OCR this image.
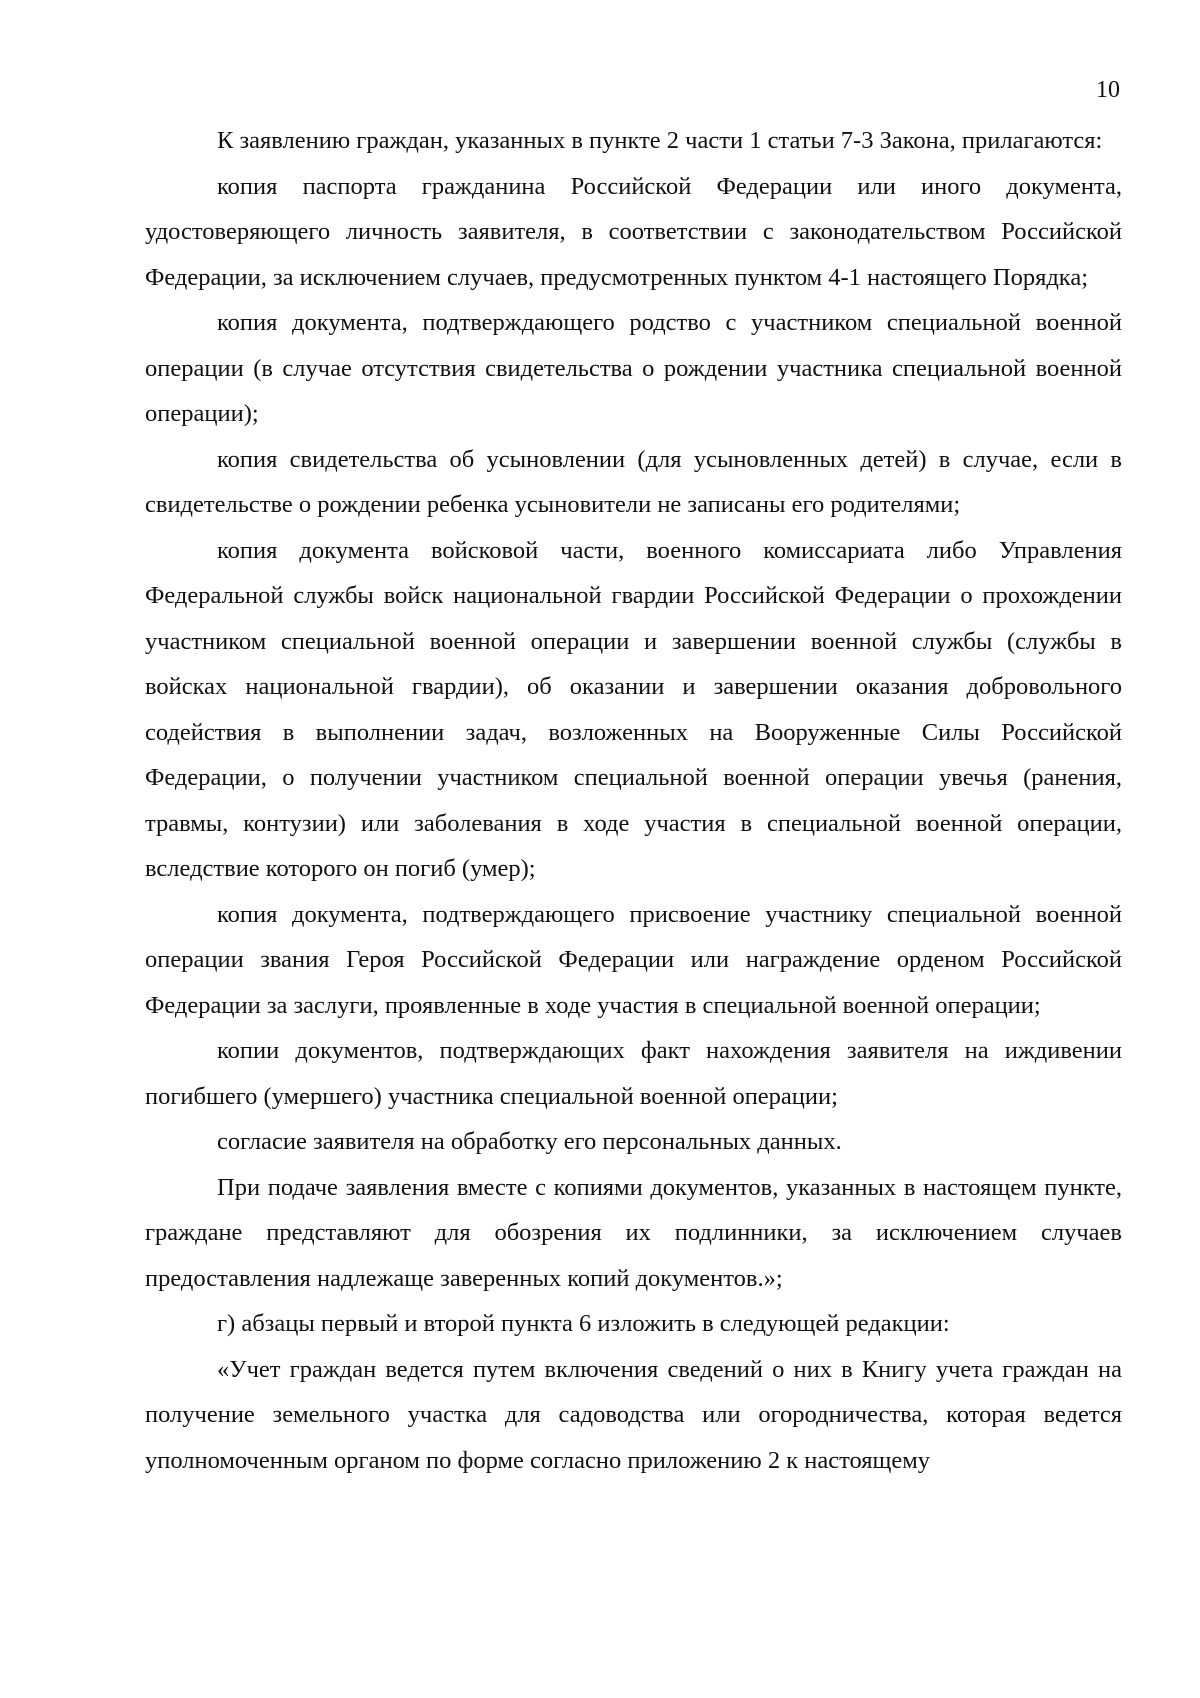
10

К заявлению граждан, указанных в пункте 2 части 1 статьи 7-3 Закона, прилагаются:

копия паспорта гражданина Российской Федерации или иного документа, удостоверяющего личность заявителя, в соответствии с законодательством Российской Федерации, за исключением случаев, предусмотренных пунктом 4-1 настоящего Порядка;

копия документа, подтверждающего родство с участником специальной военной операции (в случае отсутствия свидетельства о рождении участника специальной военной операции);

копия свидетельства об усыновлении (для усыновленных детей) в случае, если в свидетельстве о рождении ребенка усыновители не записаны его родителями;

копия документа войсковой части, военного комиссариата либо Управления Федеральной службы войск национальной гвардии Российской Федерации о прохождении участником специальной военной операции и завершении военной службы (службы в войсках национальной гвардии), об оказании и завершении оказания добровольного содействия в выполнении задач, возложенных на Вооруженные Силы Российской Федерации, о получении участником специальной военной операции увечья (ранения, травмы, контузии) или заболевания в ходе участия в специальной военной операции, вследствие которого он погиб (умер);

копия документа, подтверждающего присвоение участнику специальной военной операции звания Героя Российской Федерации или награждение орденом Российской Федерации за заслуги, проявленные в ходе участия в специальной военной операции;

копии документов, подтверждающих факт нахождения заявителя на иждивении погибшего (умершего) участника специальной военной операции;

согласие заявителя на обработку его персональных данных.

При подаче заявления вместе с копиями документов, указанных в настоящем пункте, граждане представляют для обозрения их подлинники, за исключением случаев предоставления надлежаще заверенных копий документов.»;

г) абзацы первый и второй пункта 6 изложить в следующей редакции:

«Учет граждан ведется путем включения сведений о них в Книгу учета граждан на получение земельного участка для садоводства или огородничества, которая ведется уполномоченным органом по форме согласно приложению 2 к настоящему
